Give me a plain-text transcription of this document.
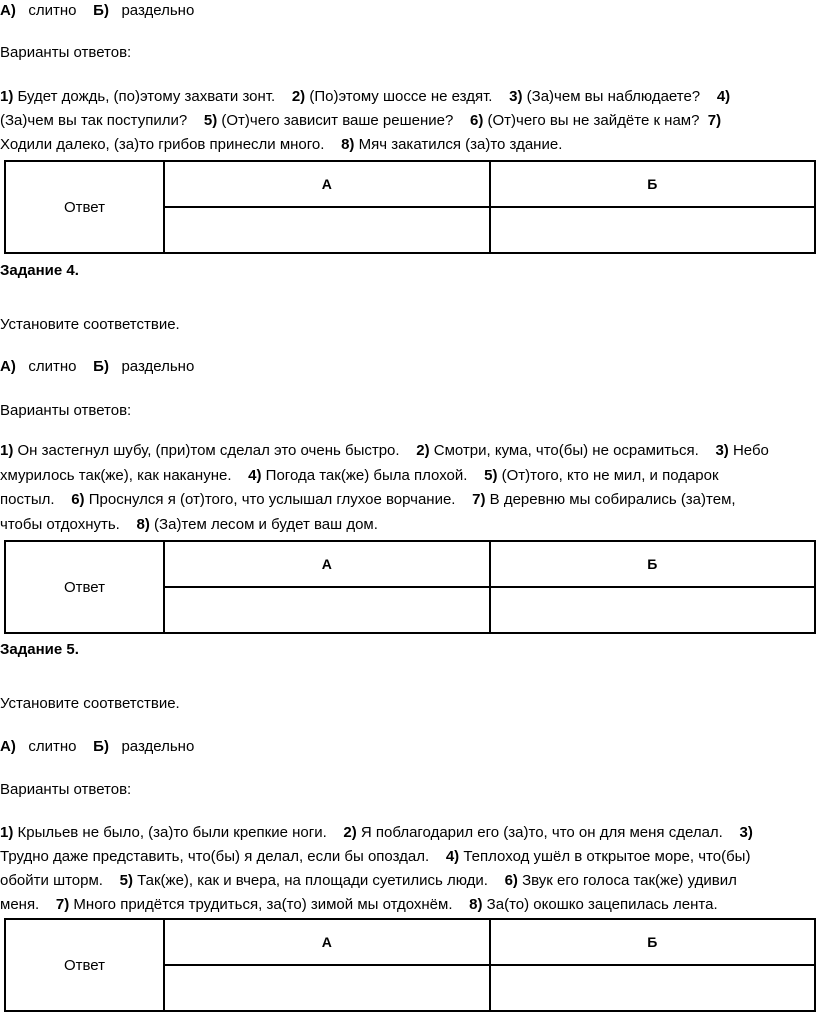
А) слитно Б) раздельно
Варианты ответов:
1) Будет дождь, (по)этому захвати зонт.    2) (По)этому шоссе не ездят.    3) (За)чем вы наблюдаете?    4)
(За)чем вы так поступили?    5) (От)чего зависит ваше решение?    6) (От)чего вы не зайдёте к нам?  7)
Ходили далеко, (за)то грибов принесли много.    8) Мяч закатился (за)то здание.
Ответ	А	Б

Задание 4.
Установите соответствие.
А) слитно Б) раздельно
Варианты ответов:
1) Он застегнул шубу, (при)том сделал это очень быстро.    2) Смотри, кума, что(бы) не осрамиться.    3) Небо
хмурилось так(же), как накануне.    4) Погода так(же) была плохой.    5) (От)того, кто не мил, и подарок
постыл.    6) Проснулся я (от)того, что услышал глухое ворчание.    7) В деревню мы собирались (за)тем,
чтобы отдохнуть.    8) (За)тем лесом и будет ваш дом.
Ответ	А	Б

Задание 5.
Установите соответствие.
А) слитно Б) раздельно
Варианты ответов:
1) Крыльев не было, (за)то были крепкие ноги.    2) Я поблагодарил его (за)то, что он для меня сделал.    3)
Трудно даже представить, что(бы) я делал, если бы опоздал.    4) Теплоход ушёл в открытое море, что(бы)
обойти шторм.    5) Так(же), как и вчера, на площади суетились люди.    6) Звук его голоса так(же) удивил
меня.    7) Много придётся трудиться, за(то) зимой мы отдохнём.    8) За(то) окошко зацепилась лента.
Ответ	А	Б
